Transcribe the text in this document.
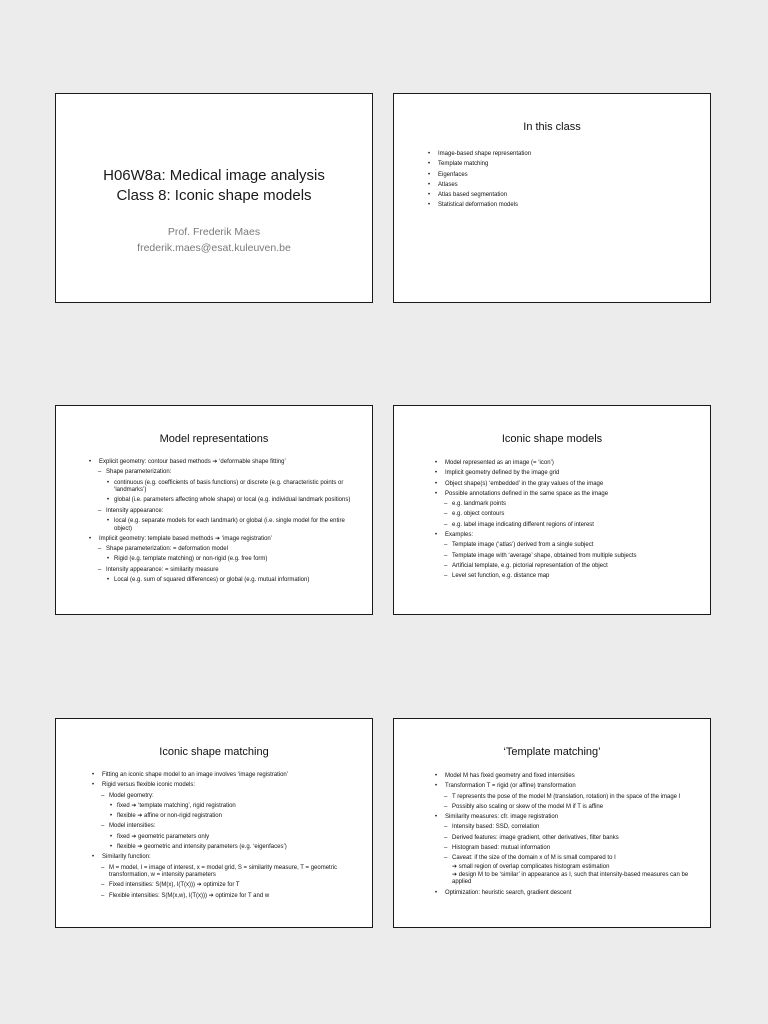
H06W8a: Medical image analysis
Class 8: Iconic shape models
Prof. Frederik Maes
frederik.maes@esat.kuleuven.be
In this class
• Image-based shape representation
• Template matching
• Eigenfaces
• Atlases
• Atlas based segmentation
• Statistical deformation models
Model representations
• Explicit geometry: contour based methods ➔ ‘deformable shape fitting’
– Shape parameterization:
• continuous (e.g. coefficients of basis functions) or discrete (e.g. characteristic points or ‘landmarks’)
• global (i.e. parameters affecting whole shape) or local (e.g. individual landmark positions)
– Intensity appearance:
• local (e.g. separate models for each landmark) or global (i.e. single model for the entire object)
• Implicit geometry: template based methods ➔ ‘image registration’
– Shape parameterization: = deformation model
• Rigid (e.g. template matching) or non-rigid (e.g. free form)
– Intensity appearance: = similarity measure
• Local (e.g. sum of squared differences) or global (e.g. mutual information)
Iconic shape models
• Model represented as an image (= ‘icon’)
• Implicit geometry defined by the image grid
• Object shape(s) ‘embedded’ in the gray values of the image
• Possible annotations defined in the same space as the image
– e.g. landmark points
– e.g. object contours
– e.g. label image indicating different regions of interest
• Examples:
– Template image (‘atlas’) derived from a single subject
– Template image with ‘average’ shape, obtained from multiple subjects
– Artificial template, e.g. pictorial representation of the object
– Level set function, e.g. distance map
Iconic shape matching
• Fitting an iconic shape model to an image involves ‘image registration’
• Rigid versus flexible iconic models:
– Model geometry:
• fixed ➔ ‘template matching’, rigid registration
• flexible ➔ affine or non-rigid registration
– Model intensities:
• fixed ➔ geometric parameters only
• flexible ➔ geometric and intensity parameters (e.g. ‘eigenfaces’)
• Similarity function:
– M = model, I = image of interest, x = model grid, S = similarity measure, T = geometric transformation, w = intensity parameters
– Fixed intensities: S(M(x), I(T(x))) ➔ optimize for T
– Flexible intensities: S(M(x,w), I(T(x))) ➔ optimize for T and w
‘Template matching’
• Model M has fixed geometry and fixed intensities
• Transformation T = rigid (or affine) transformation
– T represents the pose of the model M (translation, rotation) in the space of the image I
– Possibly also scaling or skew of the model M if T is affine
• Similarity measures: cfr. image registration
– Intensity based: SSD, correlation
– Derived features: image gradient, other derivatives, filter banks
– Histogram based: mutual information
– Caveat: if the size of the domain x of M is small compared to I
➔ small region of overlap complicates histogram estimation
➔ design M to be ‘similar’ in appearance as I, such that intensity-based measures can be applied
• Optimization: heuristic search, gradient descent
